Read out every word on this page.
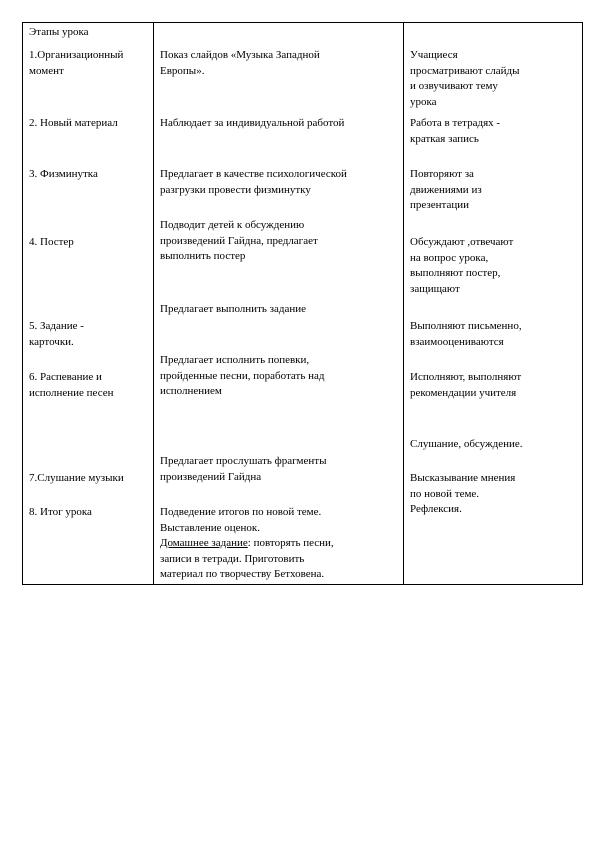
Этапы урока
1.Организационный
момент
2. Новый материал
3. Физминутка
4. Постер
5. Задание -
карточки.
6. Распевание и
исполнение песен
7.Слушание музыки
8. Итог урока
Показ слайдов «Музыка Западной
Европы».
Наблюдает за индивидуальной работой
Предлагает в качестве психологической
разгрузки провести физминутку
Подводит детей к обсуждению
произведений Гайдна, предлагает
выполнить постер
Предлагает выполнить задание
Предлагает исполнить попевки,
пройденные песни, поработать над
исполнением
Предлагает прослушать фрагменты
произведений Гайдна
Подведение итогов по новой теме.
Выставление оценок.
Домашнее задание: повторять песни,
записи в тетради. Приготовить
материал по творчеству Бетховена.
Учащиеся
просматривают слайды
и озвучивают тему
урока
Работа в тетрадях -
краткая запись
Повторяют за
движениями из
презентации
Обсуждают ,отвечают
на вопрос урока,
выполняют постер,
защищают
Выполняют письменно,
взаимооцениваются
Исполняют, выполняют
рекомендации учителя
Слушание, обсуждение.
Высказывание мнения
по новой теме.
Рефлексия.
